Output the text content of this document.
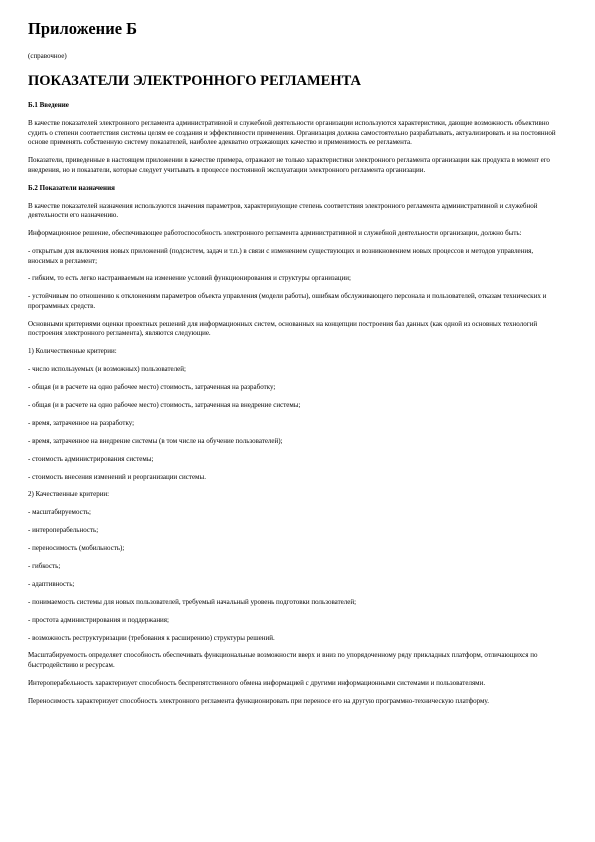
Приложение Б
(справочное)
ПОКАЗАТЕЛИ ЭЛЕКТРОННОГО РЕГЛАМЕНТА
Б.1 Введение

В качестве показателей электронного регламента административной и служебной деятельности организации используются характеристики, дающие возможность объективно судить о степени соответствия системы целям ее создания и эффективности применения. Организация должна самостоятельно разрабатывать, актуализировать и на постоянной основе применять собственную систему показателей, наиболее адекватно отражающих качество и применимость ее регламента.

Показатели, приведенные в настоящем приложении в качестве примера, отражают не только характеристики электронного регламента организации как продукта в момент его внедрения, но и показатели, которые следует учитывать в процессе постоянной эксплуатации электронного регламента организации.

Б.2 Показатели назначения

В качестве показателей назначения используются значения параметров, характеризующие степень соответствия электронного регламента административной и служебной деятельности его назначению.

Информационное решение, обеспечивающее работоспособность электронного регламента административной и служебной деятельности организации, должно быть:

- открытым для включения новых приложений (подсистем, задач и т.п.) в связи с изменением существующих и возникновением новых процессов и методов управления, вносимых в регламент;

- гибким, то есть легко настраиваемым на изменение условий функционирования и структуры организации;

- устойчивым по отношению к отклонениям параметров объекта управления (модели работы), ошибкам обслуживающего персонала и пользователей, отказам технических и программных средств.

Основными критериями оценки проектных решений для информационных систем, основанных на концепции построения баз данных (как одной из основных технологий построения электронного регламента), являются следующие.

1) Количественные критерии:

- число используемых (и возможных) пользователей;

- общая (и в расчете на одно рабочее место) стоимость, затраченная на разработку;

- общая (и в расчете на одно рабочее место) стоимость, затраченная на внедрение системы;

- время, затраченное на разработку;

- время, затраченное на внедрение системы (в том числе на обучение пользователей);

- стоимость администрирования системы;

- стоимость внесения изменений и реорганизации системы.

2) Качественные критерии:

- масштабируемость;

- интероперабельность;

- переносимость (мобильность);

- гибкость;

- адаптивность;

- понимаемость системы для новых пользователей, требуемый начальный уровень подготовки пользователей;

- простота администрирования и поддержания;

- возможность реструктуризации (требования к расширению) структуры решений.

Масштабируемость определяет способность обеспечивать функциональные возможности вверх и вниз по упорядоченному ряду прикладных платформ, отличающихся по быстродействию и ресурсам.

Интероперабельность характеризует способность беспрепятственного обмена информацией с другими информационными системами и пользователями.

Переносимость характеризует способность электронного регламента функционировать при переносе его на другую программно-техническую платформу.
